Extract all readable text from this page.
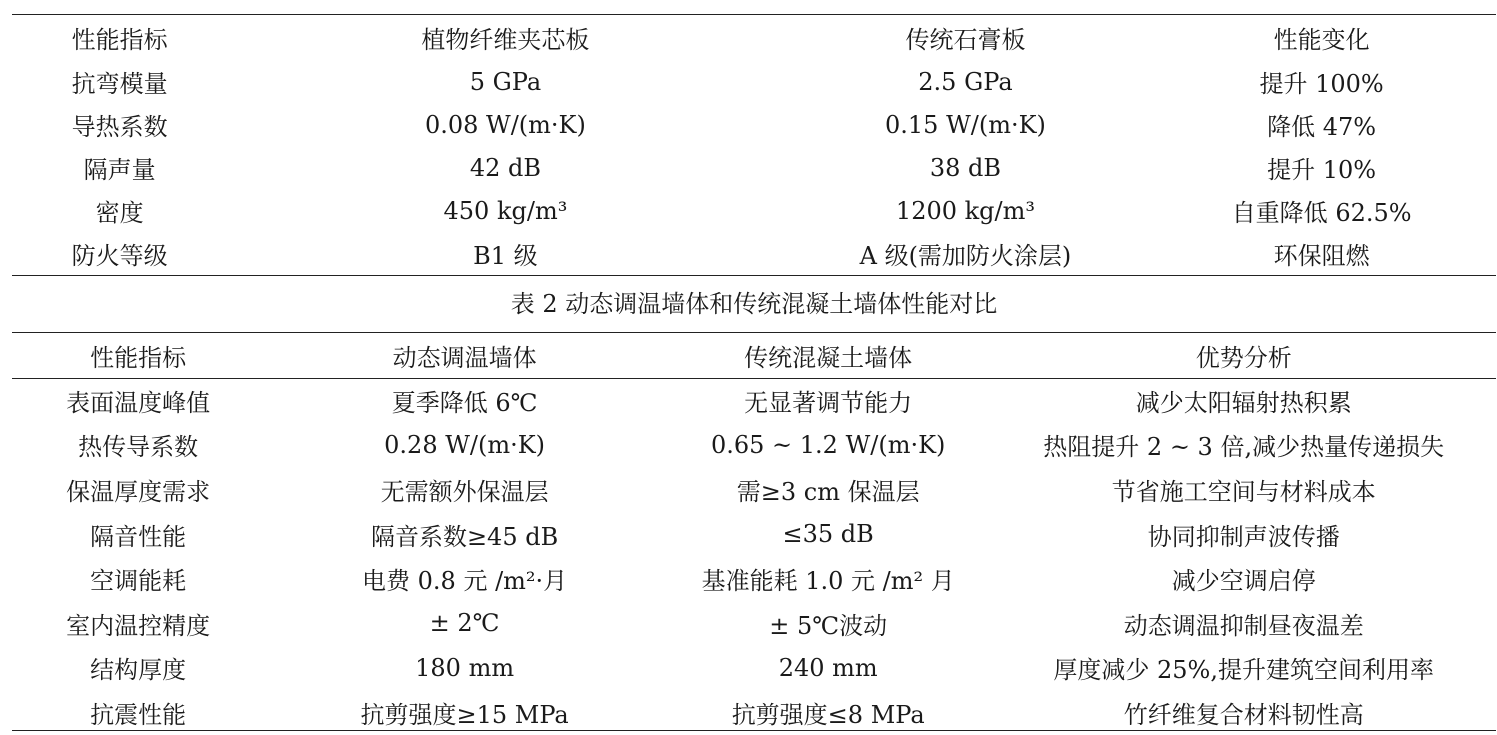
性能指标	植物纤维夹芯板	传统石膏板	性能变化
抗弯模量	5 GPa	2.5 GPa	提升 100%
导热系数	0.08 W/(m·K)	0.15 W/(m·K)	降低 47%
隔声量	42 dB	38 dB	提升 10%
密度	450 kg/m³	1200 kg/m³	自重降低 62.5%
防火等级	B1 级	A 级(需加防火涂层)	环保阻燃
表 2 动态调温墙体和传统混凝土墙体性能对比
性能指标	动态调温墙体	传统混凝土墙体	优势分析
表面温度峰值	夏季降低 6℃	无显著调节能力	减少太阳辐射热积累
热传导系数	0.28 W/(m·K)	0.65 ~ 1.2 W/(m·K)	热阻提升 2 ~ 3 倍,减少热量传递损失
保温厚度需求	无需额外保温层	需≥3 cm 保温层	节省施工空间与材料成本
隔音性能	隔音系数≥45 dB	≤35 dB	协同抑制声波传播
空调能耗	电费 0.8 元 /m²·月	基准能耗 1.0 元 /m² 月	减少空调启停
室内温控精度	± 2℃	± 5℃波动	动态调温抑制昼夜温差
结构厚度	180 mm	240 mm	厚度减少 25%,提升建筑空间利用率
抗震性能	抗剪强度≥15 MPa	抗剪强度≤8 MPa	竹纤维复合材料韧性高
